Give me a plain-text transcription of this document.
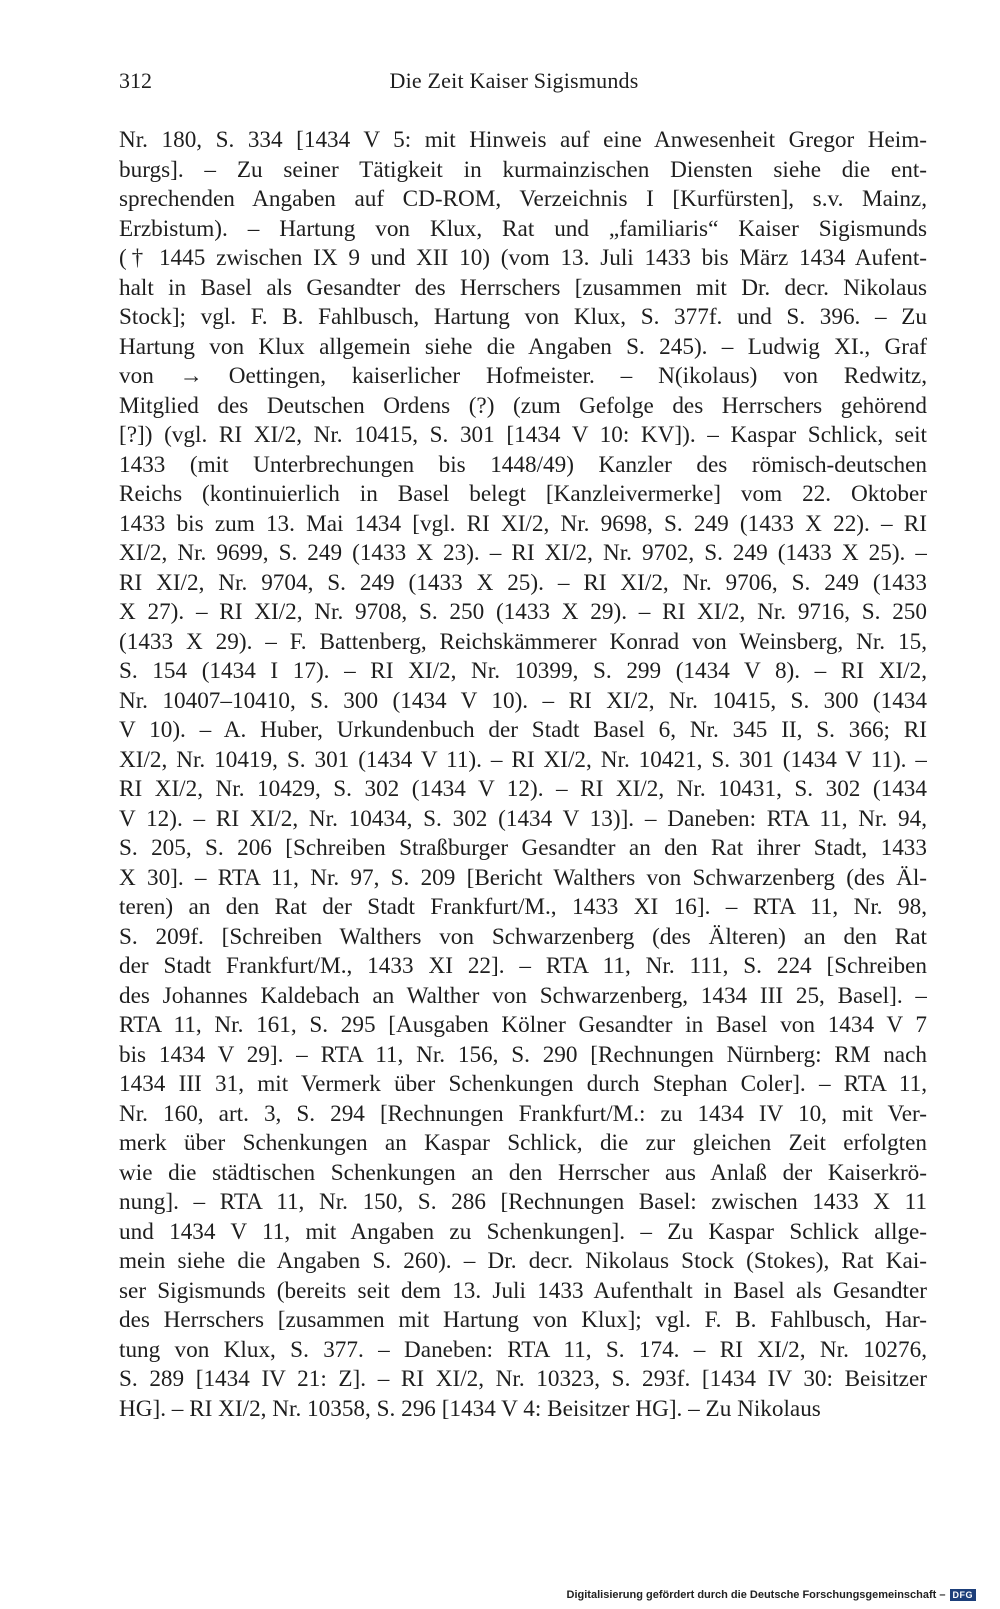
312	Die Zeit Kaiser Sigismunds
Nr. 180, S. 334 [1434 V 5: mit Hinweis auf eine Anwesenheit Gregor Heim-
burgs]. – Zu seiner Tätigkeit in kurmainzischen Diensten siehe die ent-
sprechenden Angaben auf CD-ROM, Verzeichnis I [Kurfürsten], s.v. Mainz,
Erzbistum). – Hartung von Klux, Rat und „familiaris“ Kaiser Sigismunds
(† 1445 zwischen IX 9 und XII 10) (vom 13. Juli 1433 bis März 1434 Aufent-
halt in Basel als Gesandter des Herrschers [zusammen mit Dr. decr. Nikolaus
Stock]; vgl. F. B. Fahlbusch, Hartung von Klux, S. 377f. und S. 396. – Zu
Hartung von Klux allgemein siehe die Angaben S. 245). – Ludwig XI., Graf
von → Oettingen, kaiserlicher Hofmeister. – N(ikolaus) von Redwitz,
Mitglied des Deutschen Ordens (?) (zum Gefolge des Herrschers gehörend
[?]) (vgl. RI XI/2, Nr. 10415, S. 301 [1434 V 10: KV]). – Kaspar Schlick, seit
1433 (mit Unterbrechungen bis 1448/49) Kanzler des römisch-deutschen
Reichs (kontinuierlich in Basel belegt [Kanzleivermerke] vom 22. Oktober
1433 bis zum 13. Mai 1434 [vgl. RI XI/2, Nr. 9698, S. 249 (1433 X 22). – RI
XI/2, Nr. 9699, S. 249 (1433 X 23). – RI XI/2, Nr. 9702, S. 249 (1433 X 25). –
RI XI/2, Nr. 9704, S. 249 (1433 X 25). – RI XI/2, Nr. 9706, S. 249 (1433
X 27). – RI XI/2, Nr. 9708, S. 250 (1433 X 29). – RI XI/2, Nr. 9716, S. 250
(1433 X 29). – F. Battenberg, Reichskämmerer Konrad von Weinsberg, Nr. 15,
S. 154 (1434 I 17). – RI XI/2, Nr. 10399, S. 299 (1434 V 8). – RI XI/2,
Nr. 10407–10410, S. 300 (1434 V 10). – RI XI/2, Nr. 10415, S. 300 (1434
V 10). – A. Huber, Urkundenbuch der Stadt Basel 6, Nr. 345 II, S. 366; RI
XI/2, Nr. 10419, S. 301 (1434 V 11). – RI XI/2, Nr. 10421, S. 301 (1434 V 11). –
RI XI/2, Nr. 10429, S. 302 (1434 V 12). – RI XI/2, Nr. 10431, S. 302 (1434
V 12). – RI XI/2, Nr. 10434, S. 302 (1434 V 13)]. – Daneben: RTA 11, Nr. 94,
S. 205, S. 206 [Schreiben Straßburger Gesandter an den Rat ihrer Stadt, 1433
X 30]. – RTA 11, Nr. 97, S. 209 [Bericht Walthers von Schwarzenberg (des Äl-
teren) an den Rat der Stadt Frankfurt/M., 1433 XI 16]. – RTA 11, Nr. 98,
S. 209f. [Schreiben Walthers von Schwarzenberg (des Älteren) an den Rat
der Stadt Frankfurt/M., 1433 XI 22]. – RTA 11, Nr. 111, S. 224 [Schreiben
des Johannes Kaldebach an Walther von Schwarzenberg, 1434 III 25, Basel]. –
RTA 11, Nr. 161, S. 295 [Ausgaben Kölner Gesandter in Basel von 1434 V 7
bis 1434 V 29]. – RTA 11, Nr. 156, S. 290 [Rechnungen Nürnberg: RM nach
1434 III 31, mit Vermerk über Schenkungen durch Stephan Coler]. – RTA 11,
Nr. 160, art. 3, S. 294 [Rechnungen Frankfurt/M.: zu 1434 IV 10, mit Ver-
merk über Schenkungen an Kaspar Schlick, die zur gleichen Zeit erfolgten
wie die städtischen Schenkungen an den Herrscher aus Anlaß der Kaiserkrö-
nung]. – RTA 11, Nr. 150, S. 286 [Rechnungen Basel: zwischen 1433 X 11
und 1434 V 11, mit Angaben zu Schenkungen]. – Zu Kaspar Schlick allge-
mein siehe die Angaben S. 260). – Dr. decr. Nikolaus Stock (Stokes), Rat Kai-
ser Sigismunds (bereits seit dem 13. Juli 1433 Aufenthalt in Basel als Gesandter
des Herrschers [zusammen mit Hartung von Klux]; vgl. F. B. Fahlbusch, Har-
tung von Klux, S. 377. – Daneben: RTA 11, S. 174. – RI XI/2, Nr. 10276,
S. 289 [1434 IV 21: Z]. – RI XI/2, Nr. 10323, S. 293f. [1434 IV 30: Beisitzer
HG]. – RI XI/2, Nr. 10358, S. 296 [1434 V 4: Beisitzer HG]. – Zu Nikolaus
Digitalisierung gefördert durch die Deutsche Forschungsgemeinschaft – DFG
